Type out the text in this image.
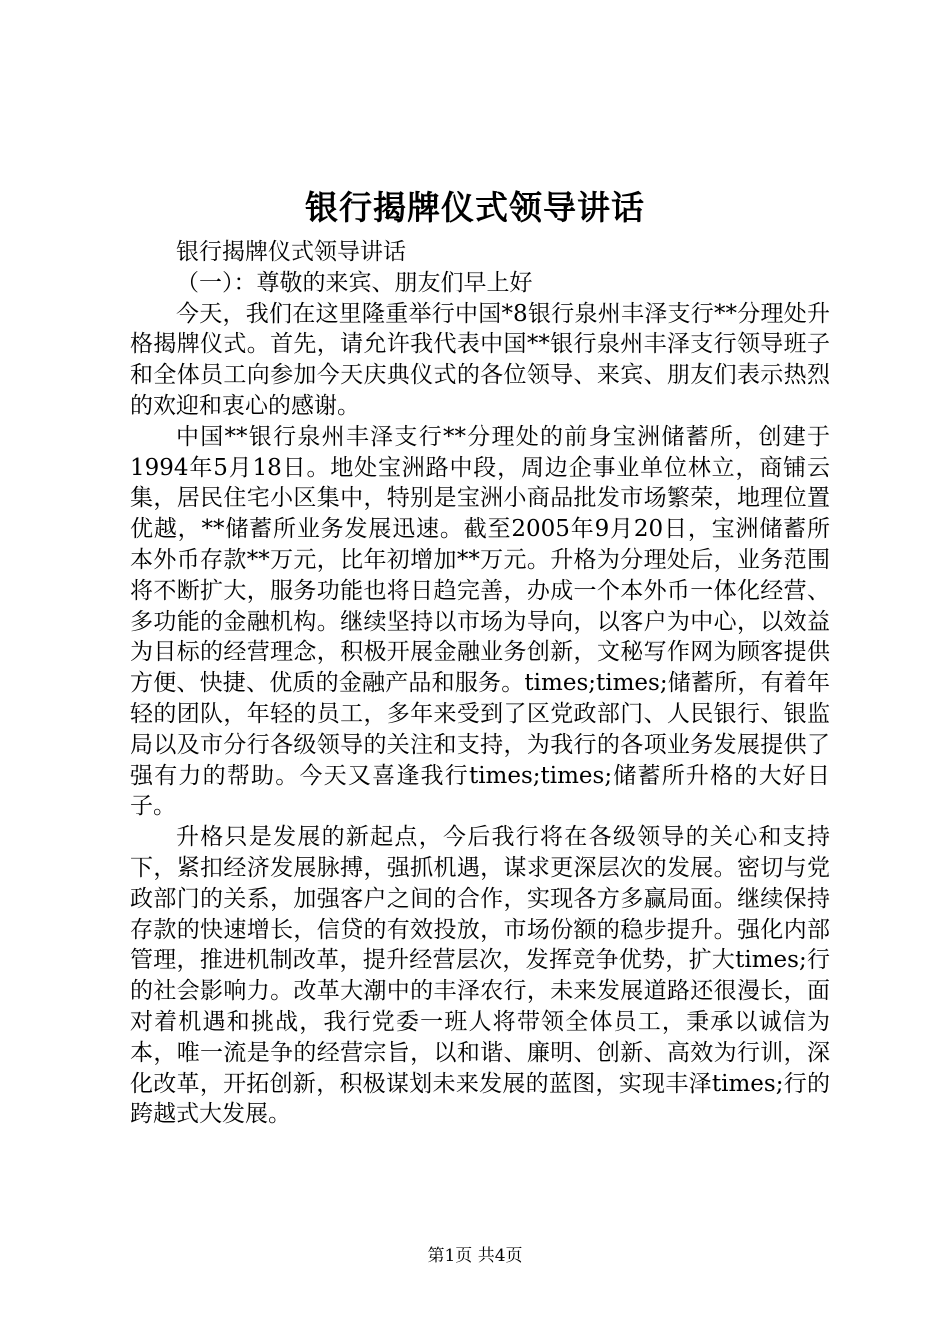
银行揭牌仪式领导讲话

银行揭牌仪式领导讲话

（一）：尊敬的来宾、朋友们早上好

今天，我们在这里隆重举行中国*8银行泉州丰泽支行**分理处升格揭牌仪式。首先，请允许我代表中国**银行泉州丰泽支行领导班子和全体员工向参加今天庆典仪式的各位领导、来宾、朋友们表示热烈的欢迎和衷心的感谢。

中国**银行泉州丰泽支行**分理处的前身宝洲储蓄所，创建于1994年5月18日。地处宝洲路中段，周边企事业单位林立，商铺云集，居民住宅小区集中，特别是宝洲小商品批发市场繁荣，地理位置优越，**储蓄所业务发展迅速。截至2005年9月20日，宝洲储蓄所本外币存款**万元，比年初增加**万元。升格为分理处后，业务范围将不断扩大，服务功能也将日趋完善，办成一个本外币一体化经营、多功能的金融机构。继续坚持以市场为导向，以客户为中心，以效益为目标的经营理念，积极开展金融业务创新，文秘写作网为顾客提供方便、快捷、优质的金融产品和服务。times;times;储蓄所，有着年轻的团队，年轻的员工，多年来受到了区党政部门、人民银行、银监局以及市分行各级领导的关注和支持，为我行的各项业务发展提供了强有力的帮助。今天又喜逢我行times;times;储蓄所升格的大好日子。

升格只是发展的新起点，今后我行将在各级领导的关心和支持下，紧扣经济发展脉搏，强抓机遇，谋求更深层次的发展。密切与党政部门的关系，加强客户之间的合作，实现各方多赢局面。继续保持存款的快速增长，信贷的有效投放，市场份额的稳步提升。强化内部管理，推进机制改革，提升经营层次，发挥竞争优势，扩大times;行的社会影响力。改革大潮中的丰泽农行，未来发展道路还很漫长，面对着机遇和挑战，我行党委一班人将带领全体员工，秉承以诚信为本，唯一流是争的经营宗旨，以和谐、廉明、创新、高效为行训，深化改革，开拓创新，积极谋划未来发展的蓝图，实现丰泽times;行的跨越式大发展。

第1页 共4页
